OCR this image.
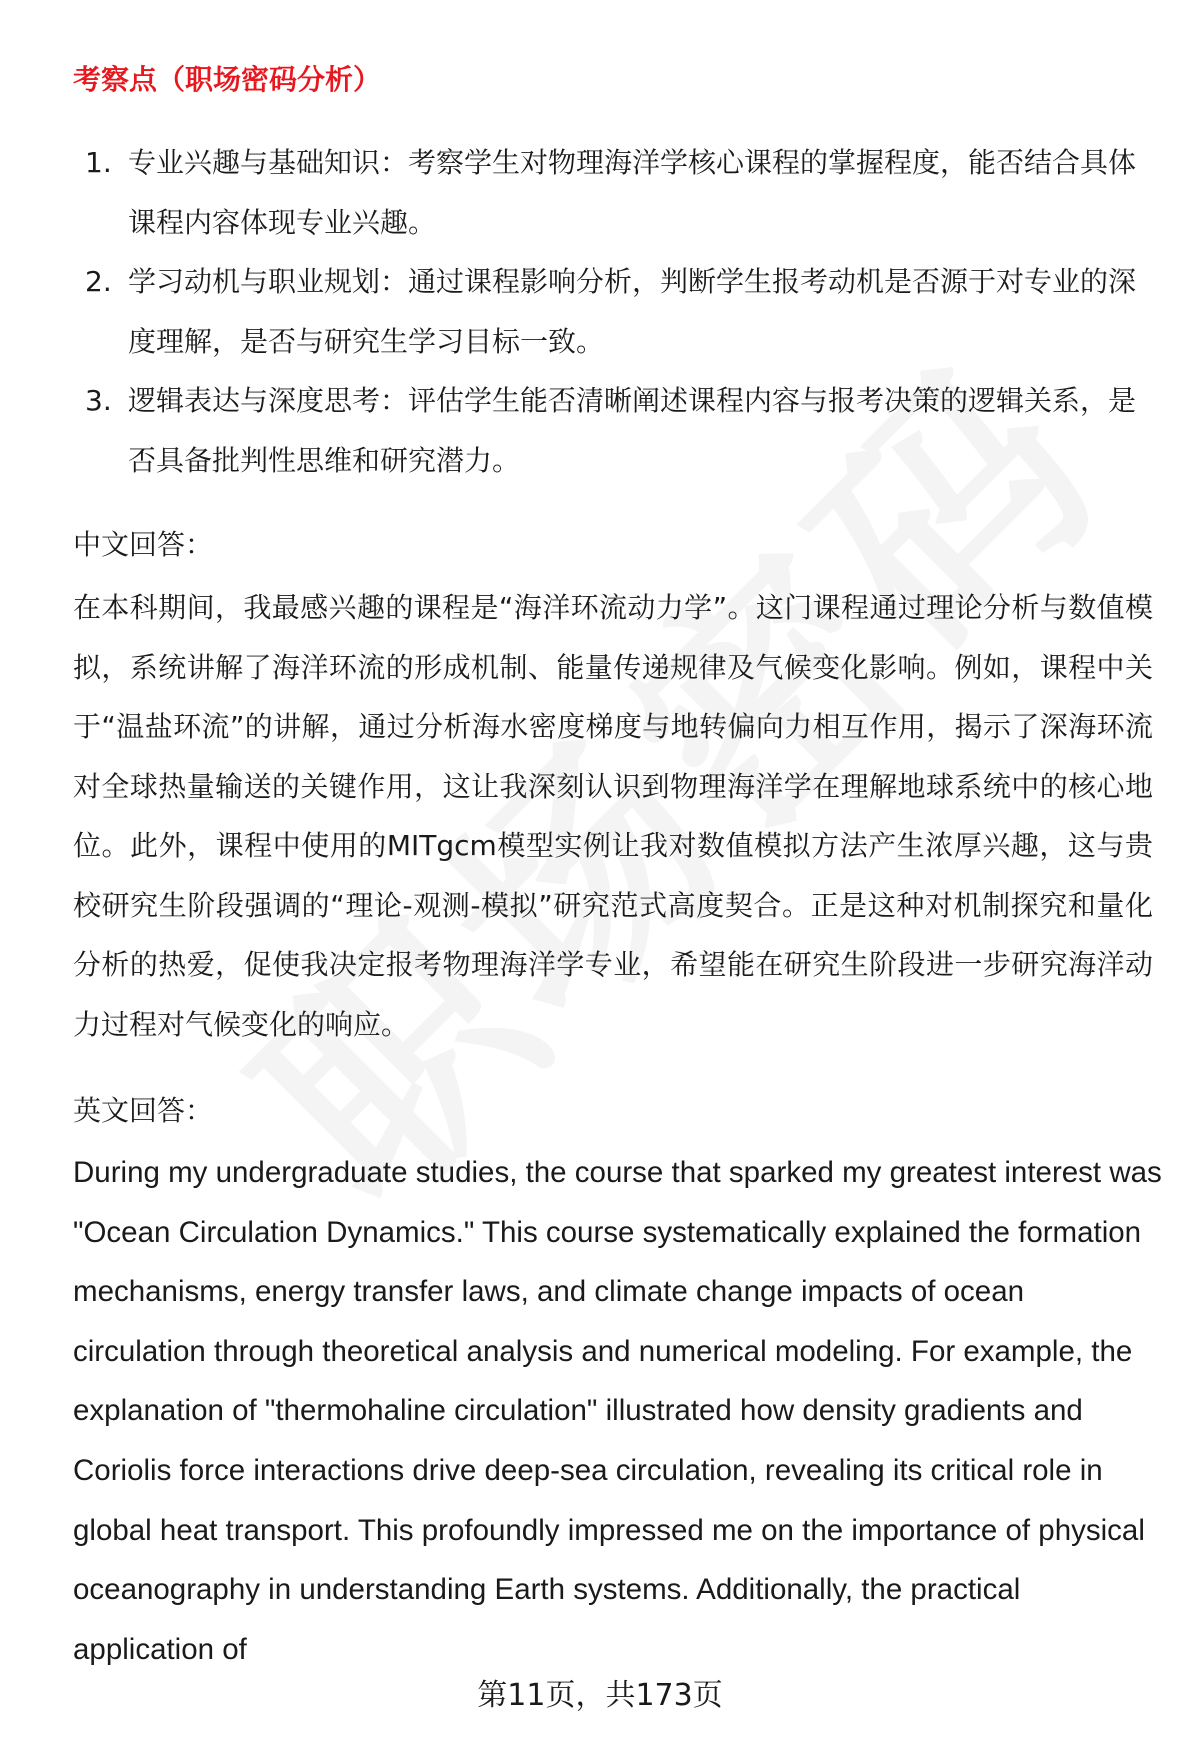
考察点（职场密码分析）
1. 专业兴趣与基础知识：考察学生对物理海洋学核心课程的掌握程度，能否结合具体课程内容体现专业兴趣。
2. 学习动机与职业规划：通过课程影响分析，判断学生报考动机是否源于对专业的深度理解，是否与研究生学习目标一致。
3. 逻辑表达与深度思考：评估学生能否清晰阐述课程内容与报考决策的逻辑关系，是否具备批判性思维和研究潜力。
中文回答：

在本科期间，我最感兴趣的课程是“海洋环流动力学”。这门课程通过理论分析与数值模拟，系统讲解了海洋环流的形成机制、能量传递规律及气候变化影响。例如，课程中关于“温盐环流”的讲解，通过分析海水密度梯度与地转偏向力相互作用，揭示了深海环流对全球热量输送的关键作用，这让我深刻认识到物理海洋学在理解地球系统中的核心地位。此外，课程中使用的MITgcm模型实例让我对数值模拟方法产生浓厚兴趣，这与贵校研究生阶段强调的“理论-观测-模拟”研究范式高度契合。正是这种对机制探究和量化分析的热爱，促使我决定报考物理海洋学专业，希望能在研究生阶段进一步研究海洋动力过程对气候变化的响应。

英文回答：

During my undergraduate studies, the course that sparked my greatest interest was "Ocean Circulation Dynamics." This course systematically explained the formation mechanisms, energy transfer laws, and climate change impacts of ocean circulation through theoretical analysis and numerical modeling. For example, the explanation of "thermohaline circulation" illustrated how density gradients and Coriolis force interactions drive deep-sea circulation, revealing its critical role in global heat transport. This profoundly impressed me on the importance of physical oceanography in understanding Earth systems. Additionally, the practical application of

第11页，共173页
